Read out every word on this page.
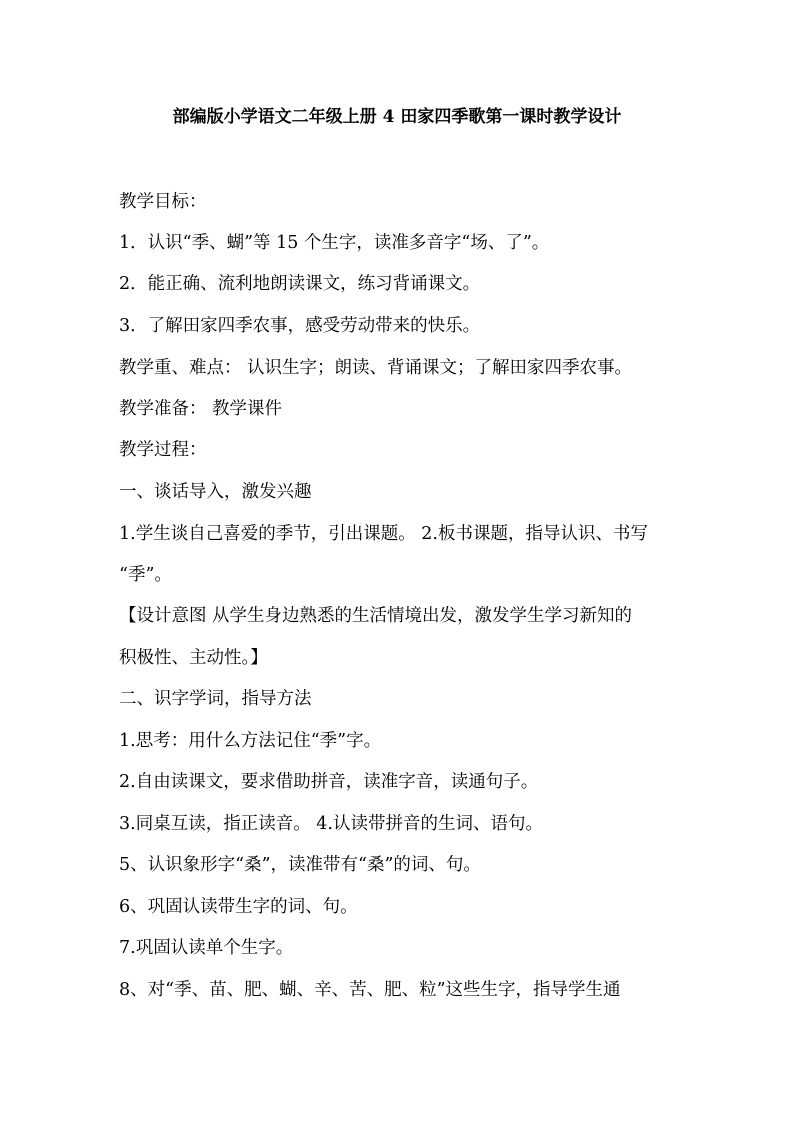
部编版小学语文二年级上册 4 田家四季歌第一课时教学设计
教学目标：
1．认识“季、蝴”等 15 个生字，读准多音字“场、了”。
2．能正确、流利地朗读课文，练习背诵课文。
3．了解田家四季农事，感受劳动带来的快乐。
教学重、难点： 认识生字；朗读、背诵课文；了解田家四季农事。
教学准备： 教学课件
教学过程：
一、谈话导入，激发兴趣
1.学生谈自己喜爱的季节，引出课题。 2.板书课题，指导认识、书写
“季”。
【设计意图 从学生身边熟悉的生活情境出发，激发学生学习新知的
积极性、主动性。】
二、识字学词，指导方法
1.思考：用什么方法记住“季”字。
2.自由读课文，要求借助拼音，读准字音，读通句子。
3.同桌互读，指正读音。 4.认读带拼音的生词、语句。
5、认识象形字“桑”，读准带有“桑”的词、句。
6、巩固认读带生字的词、句。
7.巩固认读单个生字。
8、对“季、苗、肥、蝴、辛、苦、肥、粒”这些生字，指导学生通
